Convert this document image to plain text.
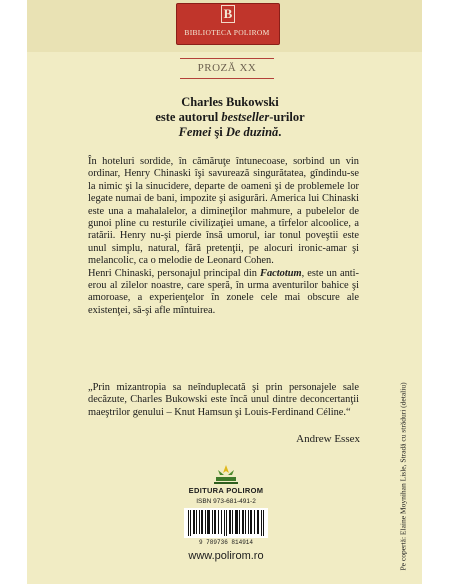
B
BIBLIOTECA POLIROM
PROZĂ XX
Charles Bukowski
este autorul bestseller-urilor
Femei şi De duzină.

În hoteluri sordide, în cămăruţe întunecoase, sorbind un vin ordinar, Henry Chinaski îşi savurează singurătatea, gîndindu-se la nimic şi la sinucidere, departe de oameni şi de problemele lor legate numai de bani, impozite şi asigurări. America lui Chinaski este una a mahalalelor, a dimineţilor mahmure, a pubelelor de gunoi pline cu resturile civilizaţiei umane, a tîrfelor alcoolice, a ratării. Henry nu-şi pierde însă umorul, iar tonul poveştii este unul simplu, natural, fără pretenţii, pe alocuri ironic-amar şi melancolic, ca o melodie de Leonard Cohen.

Henri Chinaski, personajul principal din Factotum, este un anti-erou al zilelor noastre, care speră, în urma aventurilor bahice şi amoroase, a experienţelor în zonele cele mai obscure ale existenţei, să-şi afle mîntuirea.

„Prin mizantropia sa neînduplecată şi prin personajele sale decăzute, Charles Bukowski este încă unul dintre deconcertanţii maeştrilor genului – Knut Hamsun şi Louis-Ferdinand Céline.“
Andrew Essex	Pe copertă: Elaine Moynihan Lisle, Stradă cu străduri (detaliu)
EDITURA POLIROM
ISBN 973-681-491-2
9 789736 814914
www.polirom.ro
